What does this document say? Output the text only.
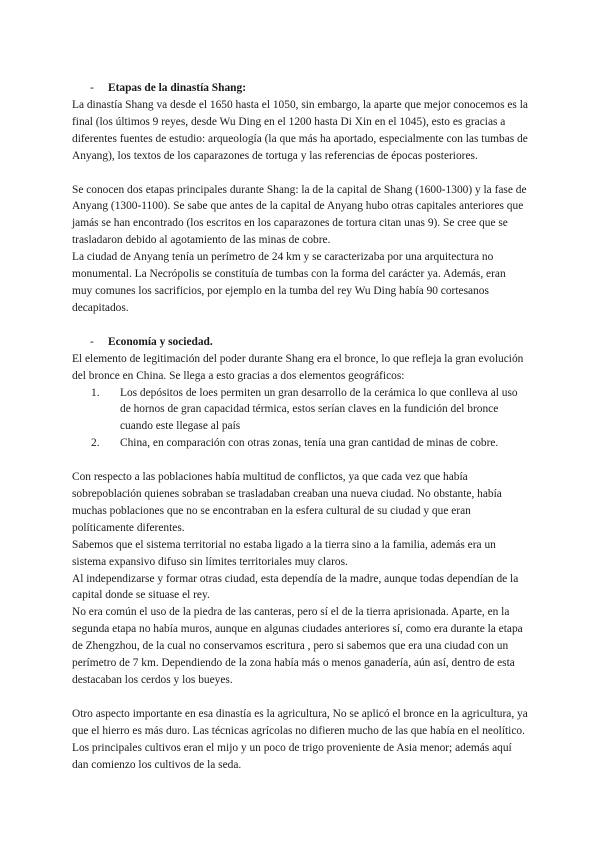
-	Etapas de la dinastía Shang:

La dinastía Shang va desde el 1650 hasta el 1050, sin embargo, la aparte que mejor conocemos es la final (los últimos 9 reyes, desde Wu Ding en el 1200 hasta Di Xin en el 1045), esto es gracias a diferentes fuentes de estudio: arqueología (la que más ha aportado, especialmente con las tumbas de Anyang), los textos de los caparazones de tortuga y las referencias de épocas posteriores.

Se conocen dos etapas principales durante Shang: la de la capital de Shang (1600-1300) y la fase de Anyang (1300-1100). Se sabe que antes de la capital de Anyang hubo otras capitales anteriores que jamás se han encontrado (los escritos en los caparazones de tortura citan unas 9). Se cree que se trasladaron debido al agotamiento de las minas de cobre.

La ciudad de Anyang tenía un perímetro de 24 km y se caracterizaba por una arquitectura no monumental. La Necrópolis se constituía de tumbas con la forma del carácter ya. Además, eran muy comunes los sacrificios, por ejemplo en la tumba del rey Wu Ding había 90 cortesanos decapitados.

-	Economía y sociedad.

El elemento de legitimación del poder durante Shang era el bronce, lo que refleja la gran evolución del bronce en China. Se llega a esto gracias a dos elementos geográficos:

1. Los depósitos de loes permiten un gran desarrollo de la cerámica lo que conlleva al uso de hornos de gran capacidad térmica, estos serían claves en la fundición del bronce cuando este llegase al país
2. China, en comparación con otras zonas, tenía una gran cantidad de minas de cobre.

Con respecto a las poblaciones había multitud de conflictos, ya que cada vez que había sobrepoblación quienes sobraban se trasladaban creaban una nueva ciudad. No obstante, había muchas poblaciones que no se encontraban en la esfera cultural de su ciudad y que eran políticamente diferentes.

Sabemos que el sistema territorial no estaba ligado a la tierra sino a la familia, además era un sistema expansivo difuso sin límites territoriales muy claros.

Al independizarse y formar otras ciudad, esta dependía de la madre, aunque todas dependían de la capital donde se situase el rey.

No era común el uso de la piedra de las canteras, pero sí el de la tierra aprisionada. Aparte, en la segunda etapa no había muros, aunque en algunas ciudades anteriores sí, como era durante la etapa de Zhengzhou, de la cual no conservamos escritura , pero si sabemos que era una ciudad con un perímetro de 7 km. Dependiendo de la zona había más o menos ganadería, aún así, dentro de esta destacaban los cerdos y los bueyes.

Otro aspecto importante en esa dinastía es la agricultura, No se aplicó el bronce en la agricultura, ya que el hierro es más duro. Las técnicas agrícolas no difieren mucho de las que había en el neolítico. Los principales cultivos eran el mijo y un poco de trigo proveniente de Asia menor; además aquí dan comienzo los cultivos de la seda.
